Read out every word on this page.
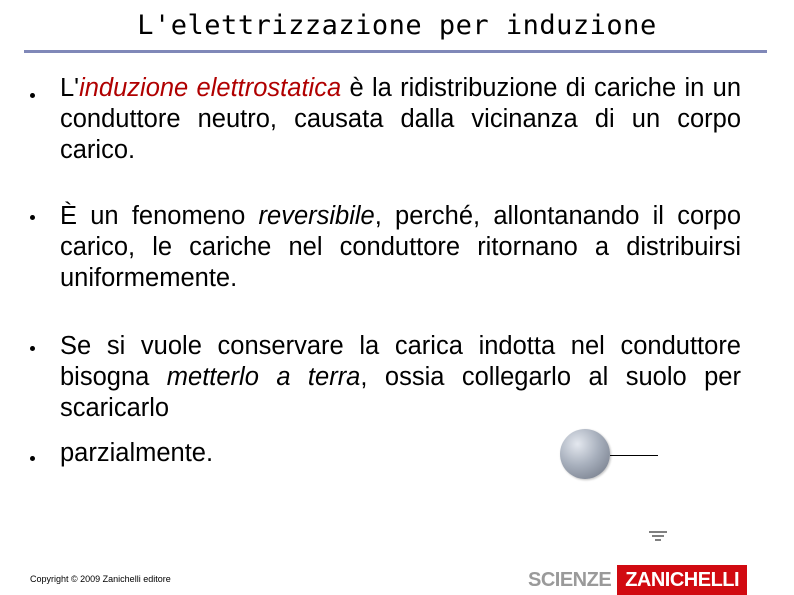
L'elettrizzazione per induzione
L'induzione elettrostatica è la ridistribuzione di cariche in un conduttore neutro, causata dalla vicinanza di un corpo carico.
È un fenomeno reversibile, perché, allontanando il corpo carico, le cariche nel conduttore ritornano a distribuirsi uniformemente.
Se si vuole conservare la carica indotta nel conduttore bisogna metterlo a terra, ossia collegarlo al suolo per scaricarlo
parzialmente.
Copyright © 2009 Zanichelli editore	SCIENZE ZANICHELLI
